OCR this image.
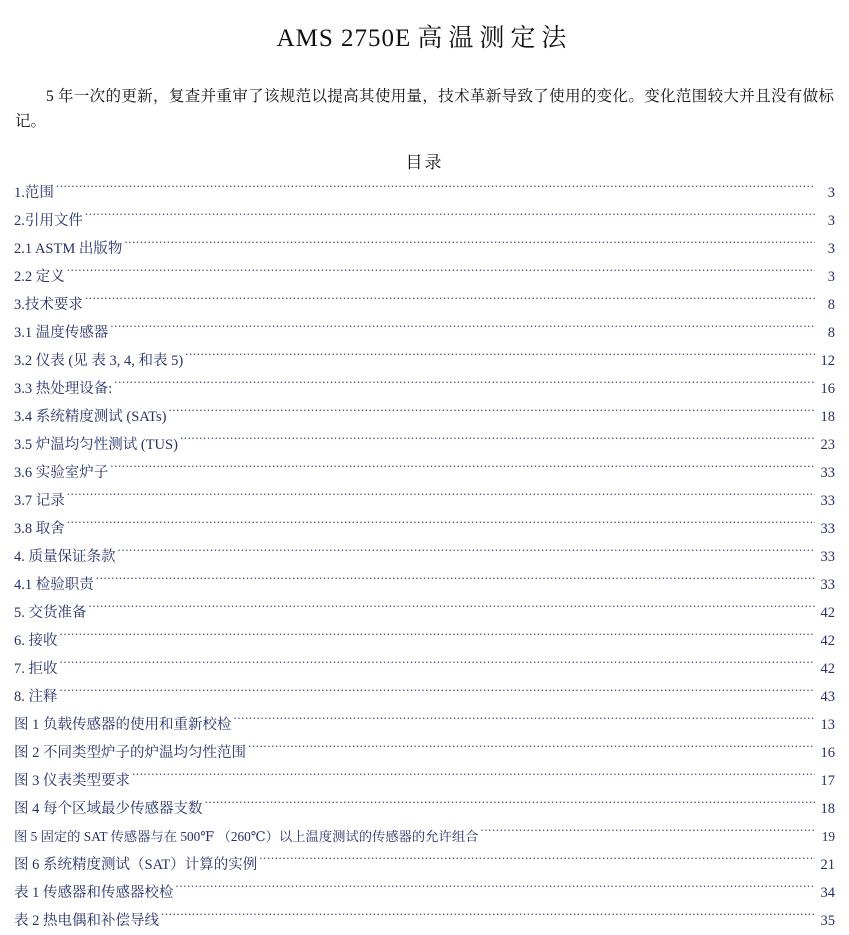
AMS 2750E 高温测定法

5 年一次的更新，复查并重审了该规范以提高其使用量，技术革新导致了使用的变化。变化范围较大并且没有做标记。

目录
1.范围 .....	3
2.引用文件 .....	3
2.1 ASTM 出版物 .....	3
2.2 定义 .....	3
3.技术要求 .....	8
3.1 温度传感器 .....	8
3.2 仪表 (见 表 3, 4, 和表 5) .....	12
3.3 热处理设备: .....	16
3.4 系统精度测试 (SATs) .....	18
3.5 炉温均匀性测试 (TUS) .....	23
3.6 实验室炉子 .....	33
3.7 记录 .....	33
3.8 取舍 .....	33
4. 质量保证条款 .....	33
4.1 检验职责 .....	33
5. 交货准备 .....	42
6. 接收 .....	42
7. 拒收 .....	42
8. 注释 .....	43
图 1 负载传感器的使用和重新校检 .....	13
图 2 不同类型炉子的炉温均匀性范围 .....	16
图 3 仪表类型要求 .....	17
图 4 每个区域最少传感器支数 .....	18
图 5 固定的 SAT 传感器与在 500℉ （260℃）以上温度测试的传感器的允许组合 .....	19
图 6 系统精度测试（SAT）计算的实例 .....	21
表 1 传感器和传感器校检 .....	34
表 2 热电偶和补偿导线 .....	35
